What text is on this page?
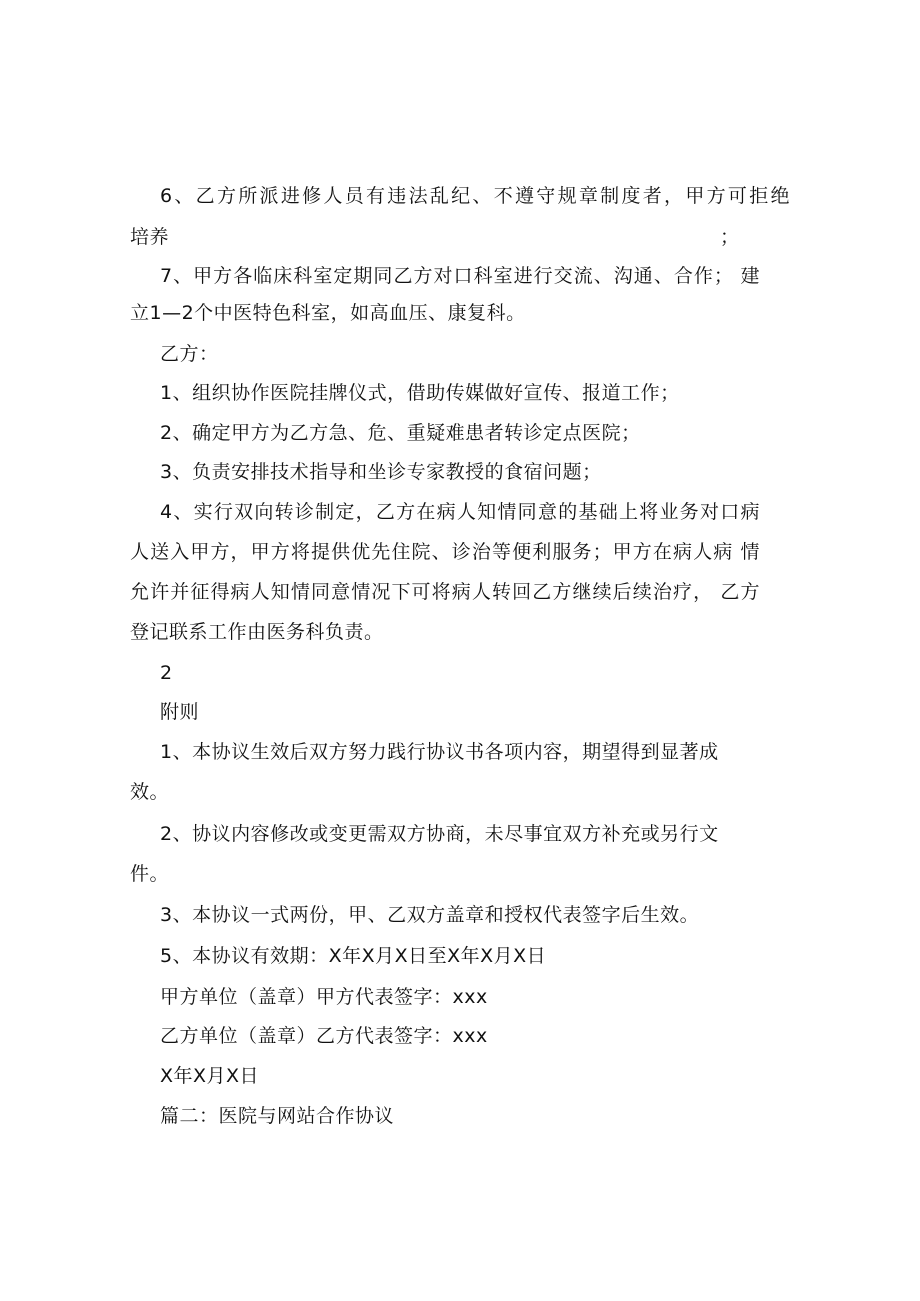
6、乙方所派进修人员有违法乱纪、不遵守规章制度者，甲方可拒绝
培养	；
7、甲方各临床科室定期同乙方对口科室进行交流、沟通、合作； 建
立1—2个中医特色科室，如高血压、康复科。
乙方：
1、组织协作医院挂牌仪式，借助传媒做好宣传、报道工作；
2、确定甲方为乙方急、危、重疑难患者转诊定点医院；
3、负责安排技术指导和坐诊专家教授的食宿问题；
4、实行双向转诊制定，乙方在病人知情同意的基础上将业务对口病
人送入甲方，甲方将提供优先住院、诊治等便利服务；甲方在病人病 情
允许并征得病人知情同意情况下可将病人转回乙方继续后续治疗， 乙方
登记联系工作由医务科负责。
2
附则
1、本协议生效后双方努力践行协议书各项内容，期望得到显著成
效。
2、协议内容修改或变更需双方协商，未尽事宜双方补充或另行文
件。
3、本协议一式两份，甲、乙双方盖章和授权代表签字后生效。
5、本协议有效期：X年X月X日至X年X月X日
甲方单位（盖章）甲方代表签字：xxx
乙方单位（盖章）乙方代表签字：xxx
X年X月X日
篇二：医院与网站合作协议
